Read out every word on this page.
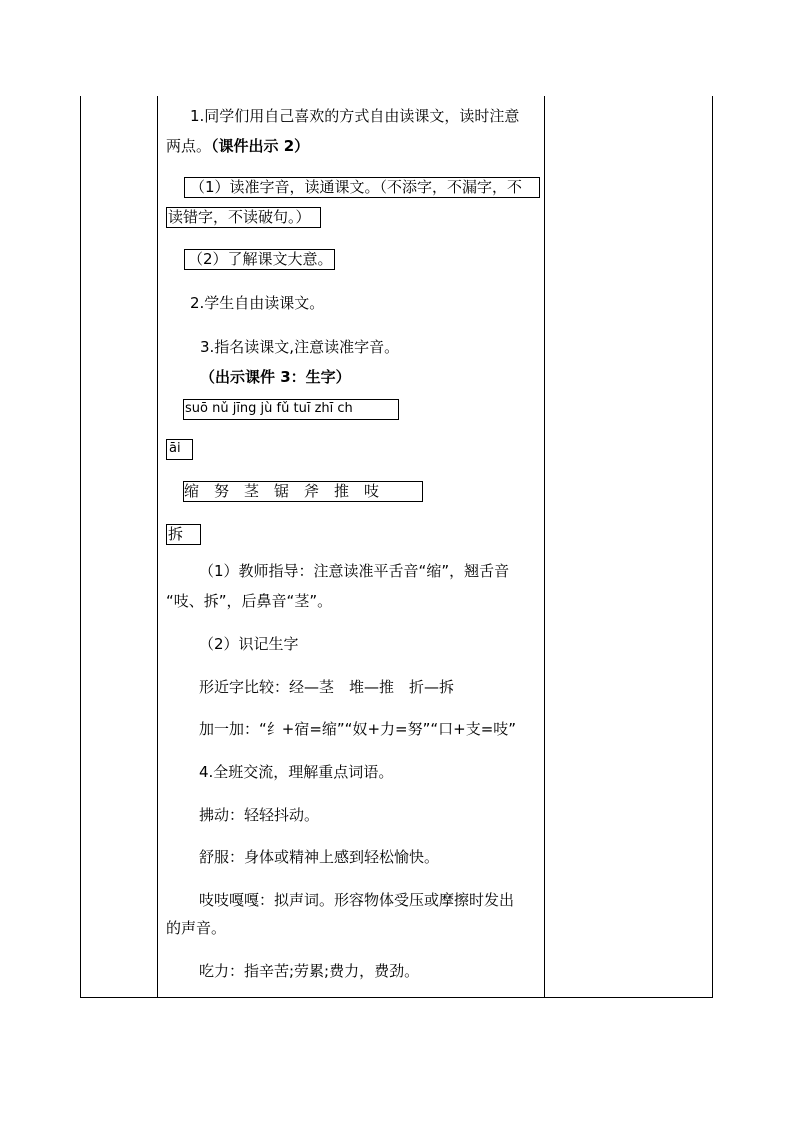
1.同学们用自己喜欢的方式自由读课文，读时注意
两点。（课件出示 2）
（1）读准字音，读通课文。（不添字，不漏字，不
读错字，不读破句。）
（2）了解课文大意。
2.学生自由读课文。
3.指名读课文,注意读准字音。
（出示课件 3：生字）
suō nǔ jīng jù fǔ tuī zhī ch
āi
缩　努　茎　锯　斧　推　吱
拆
（1）教师指导：注意读准平舌音“缩”，翘舌音
“吱、拆”，后鼻音“茎”。
（2）识记生字
形近字比较：经—茎　堆—推　折—拆
加一加：“纟+宿=缩”“奴+力=努”“口+支=吱”
4.全班交流，理解重点词语。
拂动：轻轻抖动。
舒服：身体或精神上感到轻松愉快。
吱吱嘎嘎：拟声词。形容物体受压或摩擦时发出
的声音。
吃力：指辛苦;劳累;费力，费劲。
